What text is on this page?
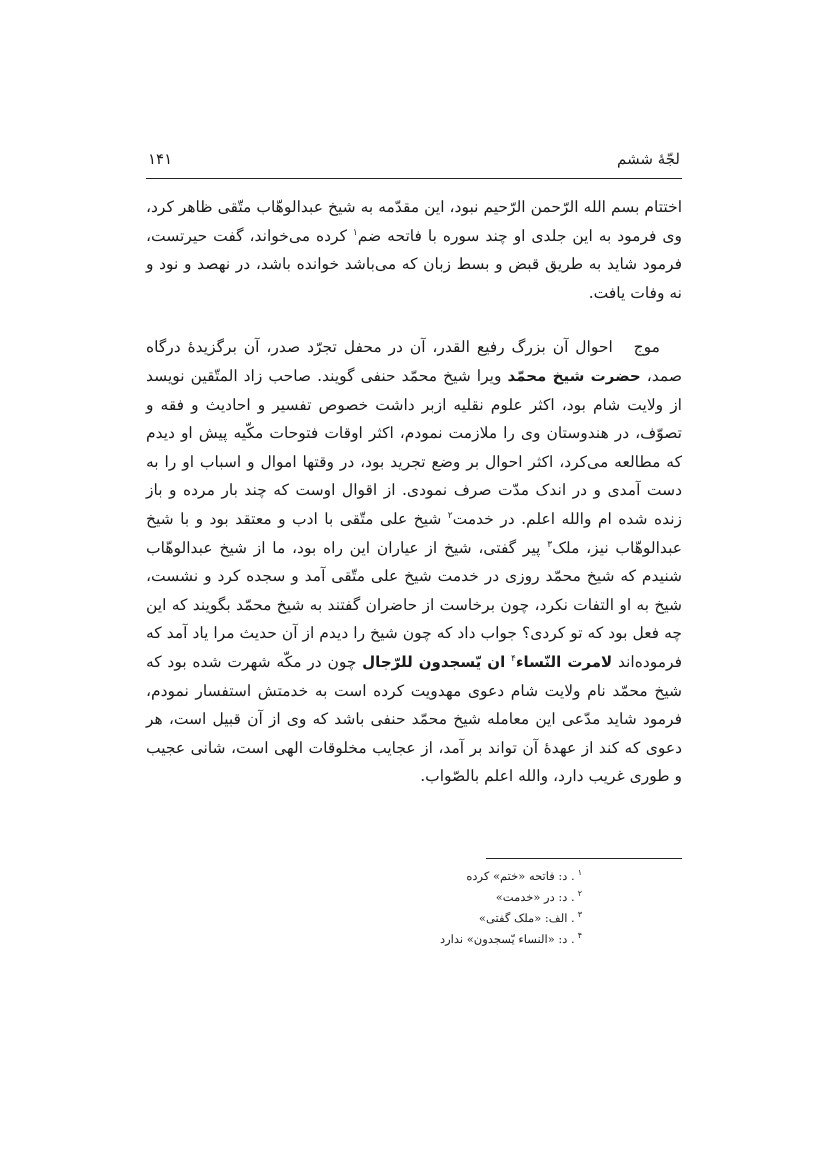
لجّهٔ ششم
۱۴۱
اختتام بسم الله الرّحمن الرّحیم نبود، این مقدّمه به شیخ عبدالوهّاب متّقی ظاهر کرد، وی فرمود به این جلدی او چند سوره با فاتحه ضم$^۱$ کرده می‌خواند، گفت حیرتست، فرمود شاید به طریق قبض و بسط زبان که می‌باشد خوانده باشد، در نهصد و نود و نه وفات یافت.
موج احوال آن بزرگ رفیع القدر، آن در محفل تجرّد صدر، آن برگزیدهٔ درگاه صمد، حضرت شیخ محمّد ویرا شیخ محمّد حنفی گویند. صاحب زاد المتّقین نویسد از ولایت شام بود، اکثر علوم نقلیه ازبر داشت خصوص تفسیر و احادیث و فقه و تصوّف، در هندوستان وی را ملازمت نمودم، اکثر اوقات فتوحات مکّیه پیش او دیدم که مطالعه می‌کرد، اکثر احوال بر وضع تجرید بود، در وقتها اموال و اسباب او را به دست آمدی و در اندک مدّت صرف نمودی. از اقوال اوست که چند بار مرده و باز زنده شده ام والله اعلم. در خدمت$^۲$ شیخ علی متّقی با ادب و معتقد بود و با شیخ عبدالوهّاب نیز، ملک$^۳$ پیر گفتی، شیخ از عیاران این راه بود، ما از شیخ عبدالوهّاب شنیدم که شیخ محمّد روزی در خدمت شیخ علی متّقی آمد و سجده کرد و نشست، شیخ به او التفات نکرد، چون برخاست از حاضران گفتند به شیخ محمّد بگویند که این چه فعل بود که تو کردی؟ جواب داد که چون شیخ را دیدم از آن حدیث مرا یاد آمد که فرموده‌اند لامرت النّساء$^۴$ ان یّسجدون للرّجال چون در مکّه شهرت شده بود که شیخ محمّد نام ولایت شام دعوی مهدویت کرده است به خدمتش استفسار نمودم، فرمود شاید مدّعی این معامله شیخ محمّد حنفی باشد که وی از آن قبیل است، هر دعوی که کند از عهدهٔ آن تواند بر آمد، از عجایب مخلوقات الهی است، شانی عجیب و طوری غریب دارد، والله اعلم بالصّواب.
$^۱$. د: فاتحه «ختم» کرده
$^۲$. د: در «خدمت»
$^۳$. الف: «ملک گفتی»
$^۴$. د: «النساء یّسجدون» ندارد
